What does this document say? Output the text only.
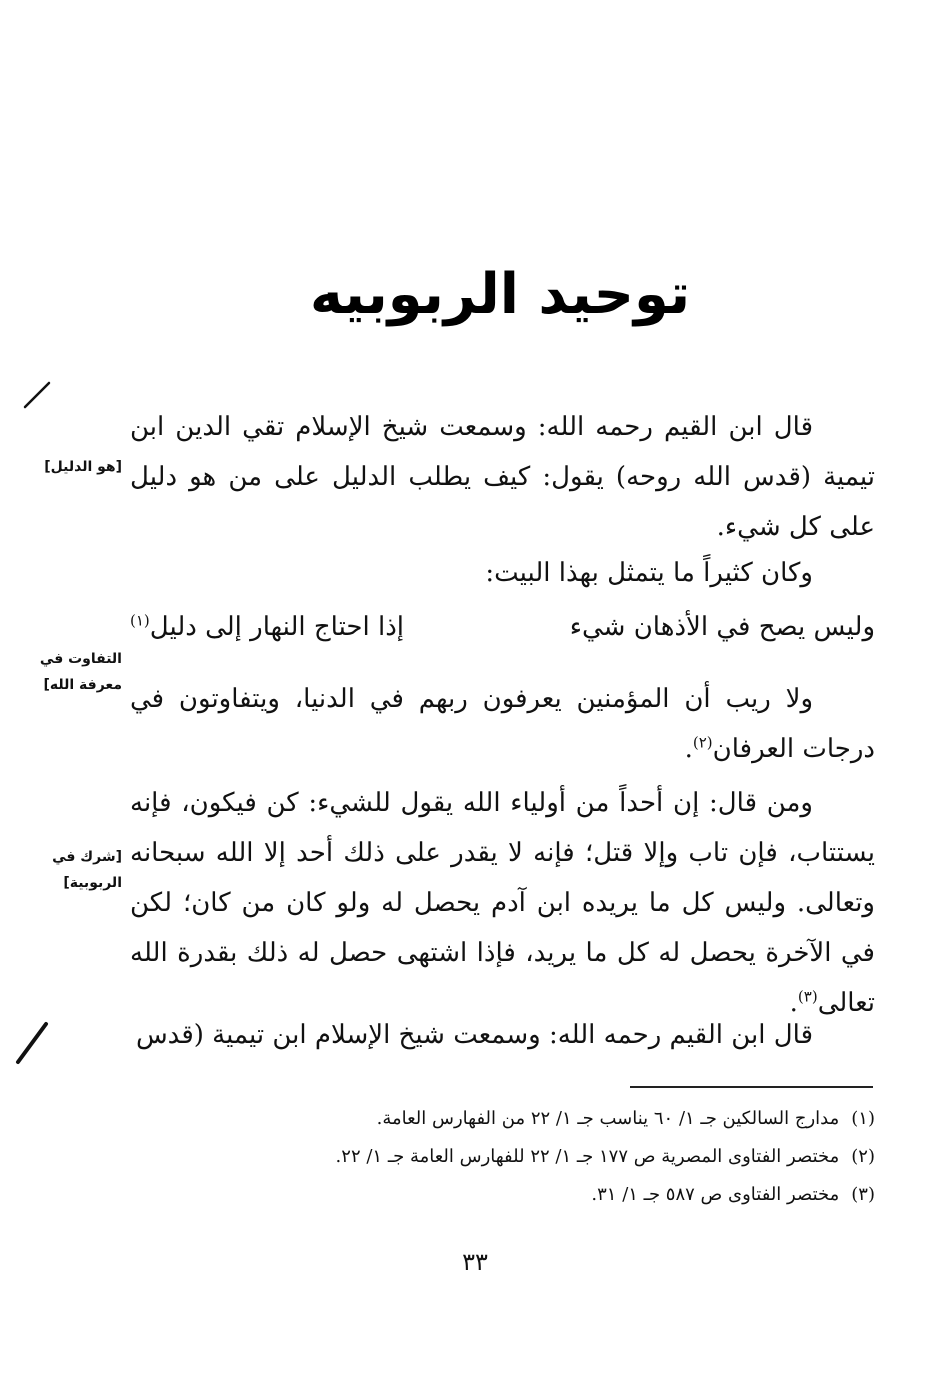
توحيد الربوبيه

قال ابن القيم رحمه الله: وسمعت شيخ الإسلام تقي الدين ابن تيمية (قدس الله روحه) يقول: كيف يطلب الدليل على من هو دليل على كل شيء.

وكان كثيراً ما يتمثل بهذا البيت:

وليس يصح في الأذهان شيء
إذا احتاج النهار إلى دليل$^{(١)}$

ولا ريب أن المؤمنين يعرفون ربهم في الدنيا، ويتفاوتون في درجات العرفان$^{(٢)}$.

ومن قال: إن أحداً من أولياء الله يقول للشيء: كن فيكون، فإنه يستتاب، فإن تاب وإلا قتل؛ فإنه لا يقدر على ذلك أحد إلا الله سبحانه وتعالى. وليس كل ما يريده ابن آدم يحصل له ولو كان من كان؛ لكن في الآخرة يحصل له كل ما يريد، فإذا اشتهى حصل له ذلك بقدرة الله تعالى$^{(٣)}$.

قال ابن القيم رحمه الله: وسمعت شيخ الإسلام ابن تيمية (قدس

[هو الدليل]
التفاوت في معرفة الله]
[شرك في الربوبية]
(١)مدارج السالكين جـ ١/ ٦٠ يناسب جـ ١/ ٢٢ من الفهارس العامة.
(٢)مختصر الفتاوى المصرية ص ١٧٧ جـ ١/ ٢٢ للفهارس العامة جـ ١/ ٢٢.
(٣)مختصر الفتاوى ص ٥٨٧ جـ ١/ ٣١.
٣٣
